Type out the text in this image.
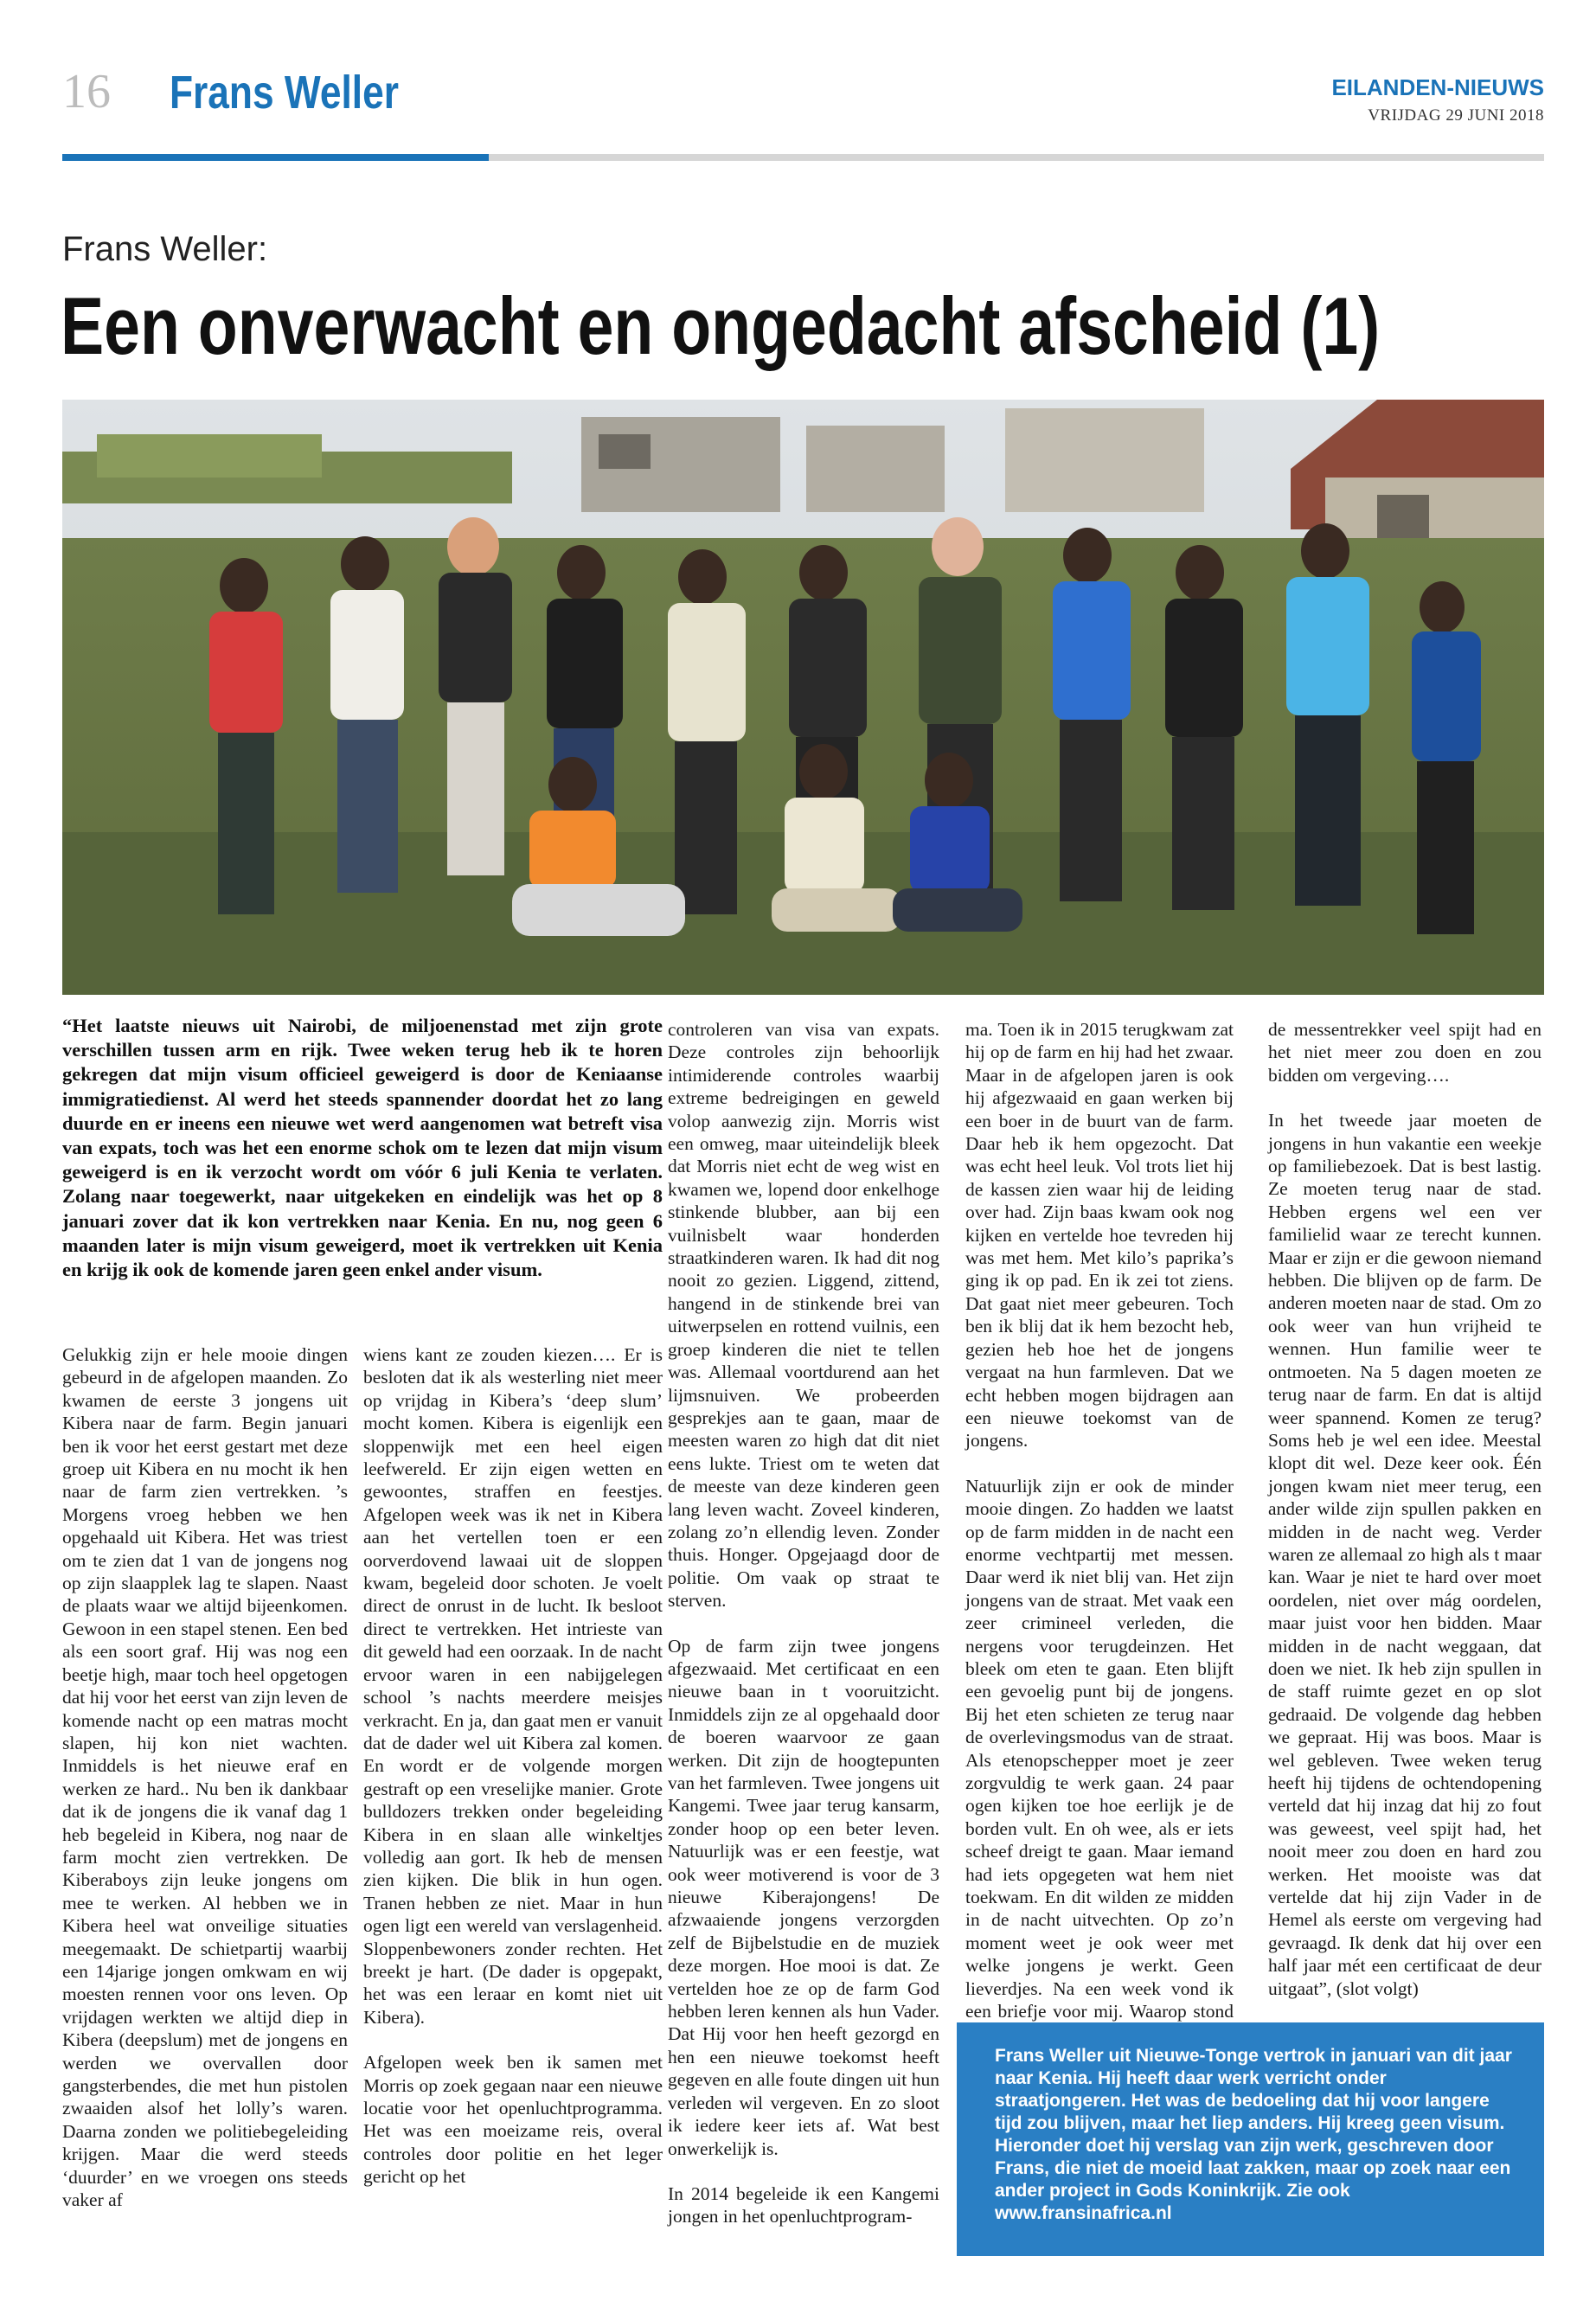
16 Frans Weller	EILANDEN-NIEUWS
VRIJDAG 29 JUNI 2018
Frans Weller:
Een onverwacht en ongedacht afscheid (1)
“Het laatste nieuws uit Nairobi, de miljoenenstad met zijn grote verschillen tussen arm en rijk. Twee weken terug heb ik te horen gekregen dat mijn visum officieel geweigerd is door de Keniaanse immigratiedienst. Al werd het steeds spannender doordat het zo lang duurde en er ineens een nieuwe wet werd aangenomen wat betreft visa van expats, toch was het een enorme schok om te lezen dat mijn visum geweigerd is en ik verzocht wordt om vóór 6 juli Kenia te verlaten. Zolang naar toegewerkt, naar uitgekeken en eindelijk was het op 8 januari zover dat ik kon vertrekken naar Kenia. En nu, nog geen 6 maanden later is mijn visum geweigerd, moet ik vertrekken uit Kenia en krijg ik ook de komende jaren geen enkel ander visum.

Gelukkig zijn er hele mooie dingen gebeurd in de afgelopen maanden. Zo kwamen de eerste 3 jongens uit Kibera naar de farm. Begin januari ben ik voor het eerst gestart met deze groep uit Kibera en nu mocht ik hen naar de farm zien vertrekken. ’s Morgens vroeg hebben we hen opgehaald uit Kibera. Het was triest om te zien dat 1 van de jongens nog op zijn slaapplek lag te slapen. Naast de plaats waar we altijd bijeenkomen. Gewoon in een stapel stenen. Een bed als een soort graf. Hij was nog een beetje high, maar toch heel opgetogen dat hij voor het eerst van zijn leven de komende nacht op een matras mocht slapen, hij kon niet wachten. Inmiddels is het nieuwe eraf en werken ze hard.. Nu ben ik dankbaar dat ik de jongens die ik vanaf dag 1 heb begeleid in Kibera, nog naar de farm mocht zien vertrekken. De Kiberaboys zijn leuke jongens om mee te werken. Al hebben we in Kibera heel wat onveilige situaties meegemaakt. De schietpartij waarbij een 14jarige jongen omkwam en wij moesten rennen voor ons leven. Op vrijdagen werkten we altijd diep in Kibera (deepslum) met de jongens en werden we overvallen door gangsterbendes, die met hun pistolen zwaaiden alsof het lolly’s waren. Daarna zonden we politiebegeleiding krijgen. Maar die werd steeds ‘duurder’ en we vroegen ons steeds vaker af

wiens kant ze zouden kiezen…. Er is besloten dat ik als westerling niet meer op vrijdag in Kibera’s ‘deep slum’ mocht komen. Kibera is eigenlijk een sloppenwijk met een heel eigen leefwereld. Er zijn eigen wetten en gewoontes, straffen en feestjes. Afgelopen week was ik net in Kibera aan het vertellen toen er een oorverdovend lawaai uit de sloppen kwam, begeleid door schoten. Je voelt direct de onrust in de lucht. Ik besloot direct te vertrekken. Het intrieste van dit geweld had een oorzaak. In de nacht ervoor waren in een nabijgelegen school ’s nachts meerdere meisjes verkracht. En ja, dan gaat men er vanuit dat de dader wel uit Kibera zal komen. En wordt er de volgende morgen gestraft op een vreselijke manier. Grote bulldozers trekken onder begeleiding Kibera in en slaan alle winkeltjes volledig aan gort. Ik heb de mensen zien kijken. Die blik in hun ogen. Tranen hebben ze niet. Maar in hun ogen ligt een wereld van verslagenheid. Sloppenbewoners zonder rechten. Het breekt je hart. (De dader is opgepakt, het was een leraar en komt niet uit Kibera).

Afgelopen week ben ik samen met Morris op zoek gegaan naar een nieuwe locatie voor het openluchtprogramma. Het was een moeizame reis, overal controles door politie en het leger gericht op het

controleren van visa van expats. Deze controles zijn behoorlijk intimiderende controles waarbij extreme bedreigingen en geweld volop aanwezig zijn. Morris wist een omweg, maar uiteindelijk bleek dat Morris niet echt de weg wist en kwamen we, lopend door enkelhoge stinkende blubber, aan bij een vuilnisbelt waar honderden straatkinderen waren. Ik had dit nog nooit zo gezien. Liggend, zittend, hangend in de stinkende brei van uitwerpselen en rottend vuilnis, een groep kinderen die niet te tellen was. Allemaal voortdurend aan het lijmsnuiven. We probeerden gesprekjes aan te gaan, maar de meesten waren zo high dat dit niet eens lukte. Triest om te weten dat de meeste van deze kinderen geen lang leven wacht. Zoveel kinderen, zolang zo’n ellendig leven. Zonder thuis. Honger. Opgejaagd door de politie. Om vaak op straat te sterven.

Op de farm zijn twee jongens afgezwaaid. Met certificaat en een nieuwe baan in t vooruitzicht. Inmiddels zijn ze al opgehaald door de boeren waarvoor ze gaan werken. Dit zijn de hoogtepunten van het farmleven. Twee jongens uit Kangemi. Twee jaar terug kansarm, zonder hoop op een beter leven. Natuurlijk was er een feestje, wat ook weer motiverend is voor de 3 nieuwe Kiberajongens! De afzwaaiende jongens verzorgden zelf de Bijbelstudie en de muziek deze morgen. Hoe mooi is dat. Ze vertelden hoe ze op de farm God hebben leren kennen als hun Vader. Dat Hij voor hen heeft gezorgd en hen een nieuwe toekomst heeft gegeven en alle foute dingen uit hun verleden wil vergeven. En zo sloot ik iedere keer iets af. Wat best onwerkelijk is.

In 2014 begeleide ik een Kangemi jongen in het openluchtprogram-

ma. Toen ik in 2015 terugkwam zat hij op de farm en hij had het zwaar. Maar in de afgelopen jaren is ook hij afgezwaaid en gaan werken bij een boer in de buurt van de farm. Daar heb ik hem opgezocht. Dat was echt heel leuk. Vol trots liet hij de kassen zien waar hij de leiding over had. Zijn baas kwam ook nog kijken en vertelde hoe tevreden hij was met hem. Met kilo’s paprika’s ging ik op pad. En ik zei tot ziens. Dat gaat niet meer gebeuren. Toch ben ik blij dat ik hem bezocht heb, gezien heb hoe het de jongens vergaat na hun farmleven. Dat we echt hebben mogen bijdragen aan een nieuwe toekomst van de jongens.

Natuurlijk zijn er ook de minder mooie dingen. Zo hadden we laatst op de farm midden in de nacht een enorme vechtpartij met messen. Daar werd ik niet blij van. Het zijn jongens van de straat. Met vaak een zeer crimineel verleden, die nergens voor terugdeinzen. Het bleek om eten te gaan. Eten blijft een gevoelig punt bij de jongens. Bij het eten schieten ze terug naar de overlevingsmodus van de straat. Als etenopschepper moet je zeer zorgvuldig te werk gaan. 24 paar ogen kijken toe hoe eerlijk je de borden vult. En oh wee, als er iets scheef dreigt te gaan. Maar iemand had iets opgegeten wat hem niet toekwam. En dit wilden ze midden in de nacht uitvechten. Op zo’n moment weet je ook weer met welke jongens je werkt. Geen lieverdjes. Na een week vond ik een briefje voor mij. Waarop stond

de messentrekker veel spijt had en het niet meer zou doen en zou bidden om vergeving….

In het tweede jaar moeten de jongens in hun vakantie een weekje op familiebezoek. Dat is best lastig. Ze moeten terug naar de stad. Hebben ergens wel een ver familielid waar ze terecht kunnen. Maar er zijn er die gewoon niemand hebben. Die blijven op de farm. De anderen moeten naar de stad. Om zo ook weer van hun vrijheid te wennen. Hun familie weer te ontmoeten. Na 5 dagen moeten ze terug naar de farm. En dat is altijd weer spannend. Komen ze terug? Soms heb je wel een idee. Meestal klopt dit wel. Deze keer ook. Één jongen kwam niet meer terug, een ander wilde zijn spullen pakken en midden in de nacht weg. Verder waren ze allemaal zo high als t maar kan. Waar je niet te hard over moet oordelen, niet over mág oordelen, maar juist voor hen bidden. Maar midden in de nacht weggaan, dat doen we niet. Ik heb zijn spullen in de staff ruimte gezet en op slot gedraaid. De volgende dag hebben we gepraat. Hij was boos. Maar is wel gebleven. Twee weken terug heeft hij tijdens de ochtendopening verteld dat hij inzag dat hij zo fout was geweest, veel spijt had, het nooit meer zou doen en hard zou werken. Het mooiste was dat vertelde dat hij zijn Vader in de Hemel als eerste om vergeving had gevraagd. Ik denk dat hij over een half jaar mét een certificaat de deur uitgaat”, (slot volgt)

Frans Weller uit Nieuwe-Tonge vertrok in januari van dit jaar naar Kenia. Hij heeft daar werk verricht onder straatjongeren. Het was de bedoeling dat hij voor langere tijd zou blijven, maar het liep anders. Hij kreeg geen visum. Hieronder doet hij verslag van zijn werk, geschreven door Frans, die niet de moeid laat zakken, maar op zoek naar een ander project in Gods Koninkrijk. Zie ook www.fransinafrica.nl
